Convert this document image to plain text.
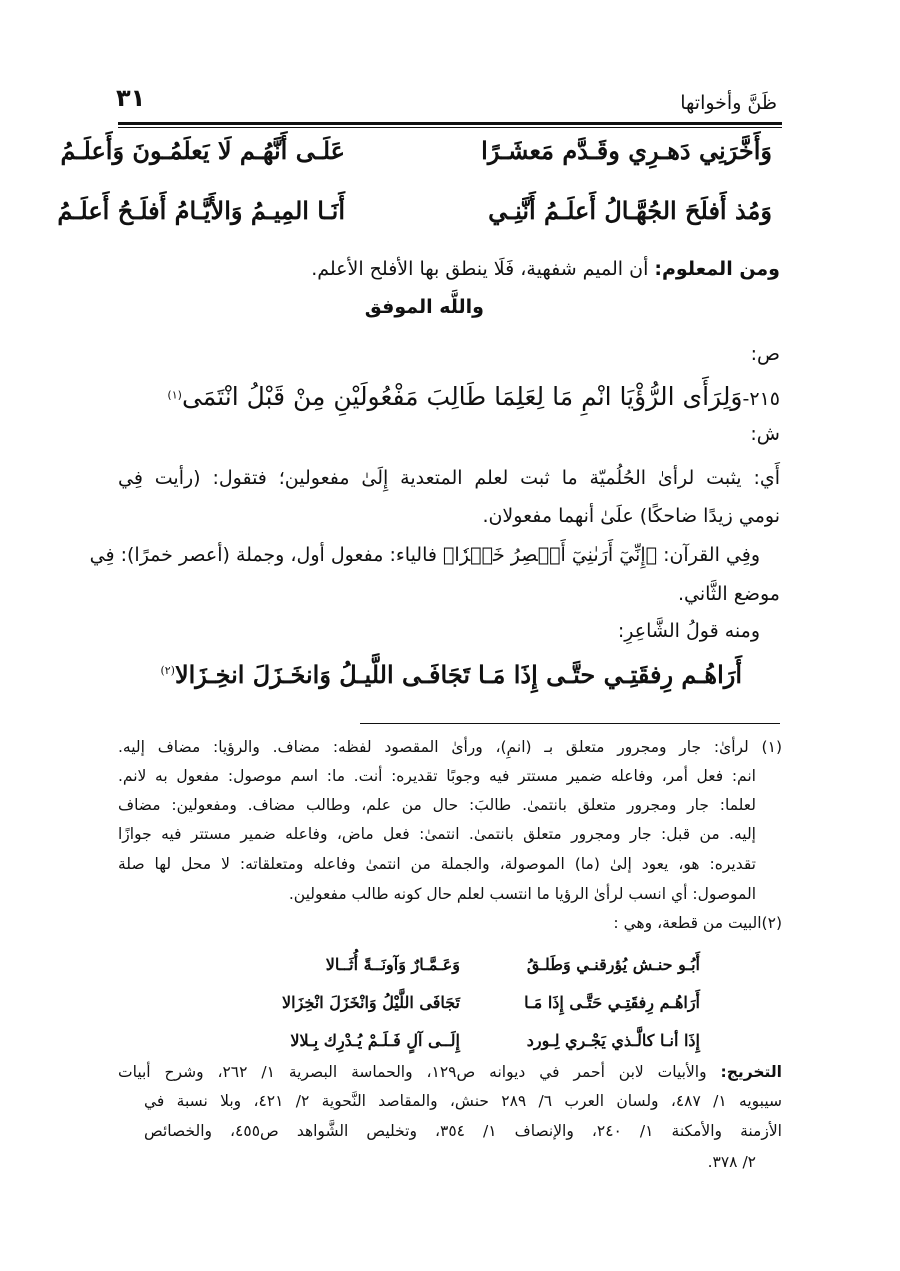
ظَنَّ وأخواتها
٣١
وَأَخَّرَنِي دَهـرِي وقَـدَّم مَعشَـرًا
عَلَـى أَنَّهُـم لَا يَعلَمُـونَ وَأَعلَـمُ
وَمُذ أَفلَحَ الجُهَّـالُ أَعلَـمُ أَنَّنِـي
أَنَـا المِيـمُ وَالأَيَّـامُ أَفلَـحُ أَعلَـمُ
ومن المعلوم: أن الميم شفهية، فَلَا ينطق بها الأفلح الأعلم.
واللَّه الموفق
ص:
٢١٥-وَلِرَأَى الرُّؤْيَا انْمِ مَا لِعَلِمَا طَالِبَ مَفْعُولَيْنِ مِنْ قَبْلُ انْتَمَى$^{(١)}$
ش:
أَي: يثبت لرأىٰ الحُلُميّة ما ثبت لعلم المتعدية إِلَىٰ مفعولين؛ فتقول: (رأيت فِي
نومي زيدًا ضاحكًا) علَىٰ أنهما مفعولان.
وفِي القرآن: ﴿إِنِّيٓ أَرَىٰنِيٓ أَعۡصِرُ خَمۡرٗا﴾ فالياء: مفعول أول، وجملة (أعصر خمرًا): فِي
موضع الثَّاني.
ومنه قولُ الشَّاعِرِ:
أَرَاهُـم رِفقَتِـي حتَّـى إِذَا مَـا
تَجَافَـى اللَّيـلُ وَانخَـزَلَ انخِـزَالا$^{(٢)}$
(١) لرأىٰ: جار ومجرور متعلق بـ (انمِ)، ورأىٰ المقصود لفظه: مضاف. والرؤيا: مضاف إليه.
انم: فعل أمر، وفاعله ضمير مستتر فيه وجوبًا تقديره: أنت. ما: اسم موصول: مفعول به لانم.
لعلما: جار ومجرور متعلق بانتمىٰ. طالبَ: حال من علم، وطالب مضاف. ومفعولين: مضاف
إليه. من قبل: جار ومجرور متعلق بانتمىٰ. انتمىٰ: فعل ماض، وفاعله ضمير مستتر فيه جوازًا
تقديره: هو، يعود إلىٰ (ما) الموصولة، والجملة من انتمىٰ وفاعله ومتعلقاته: لا محل لها صلة
الموصول: أي انسب لرأىٰ الرؤيا ما انتسب لعلم حال كونه طالب مفعولين.
(٢)البيت من قطعة، وهي :
أَبُـو حنـش يُؤرقنـي وَطَلـقُ
وَعَـمَّـارٌ وَآونَــةً أُثَــالا
أَرَاهُـم رِفقَتِـي حَتَّـى إِذَا مَـا
تَجَافَى اللَّيْلُ وَانْخَزَلَ انْخِزَالا
إِذَا أنـا كالَّـذي يَجْـري لِـورد
إِلَــى آلٍ فَـلَـمْ يُـدْرِك بِـلالا
التخريج: والأبيات لابن أحمر في ديوانه ص١٢٩، والحماسة البصرية ١/ ٢٦٢، وشرح أبيات
سيبويه ١/ ٤٨٧، ولسان العرب ٦/ ٢٨٩ حنش، والمقاصد النَّحوية ٢/ ٤٢١، وبلا نسبة في
الأزمنة والأمكنة ١/ ٢٤٠، والإنصاف ١/ ٣٥٤، وتخليص الشَّواهد ص٤٥٥، والخصائص
٢/ ٣٧٨.
